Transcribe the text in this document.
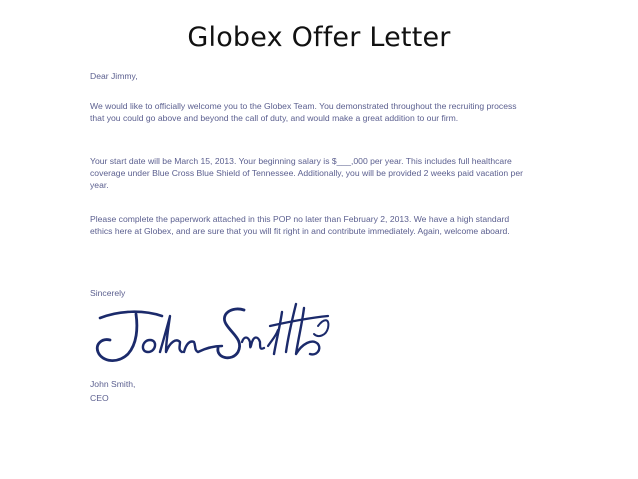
Globex Offer Letter

Dear Jimmy,

We would like to officially welcome you to the Globex Team. You demonstrated throughout the recruiting process that you could go above and beyond the call of duty, and would make a great addition to our firm.

Your start date will be March 15, 2013. Your beginning salary is $___,000 per year. This includes full healthcare coverage under Blue Cross Blue Shield of Tennessee. Additionally, you will be provided 2 weeks paid vacation per year.

Please complete the paperwork attached in this POP no later than February 2, 2013. We have a high standard ethics here at Globex, and are sure that you will fit right in and contribute immediately. Again, welcome aboard.

Sincerely

John Smith,

CEO
